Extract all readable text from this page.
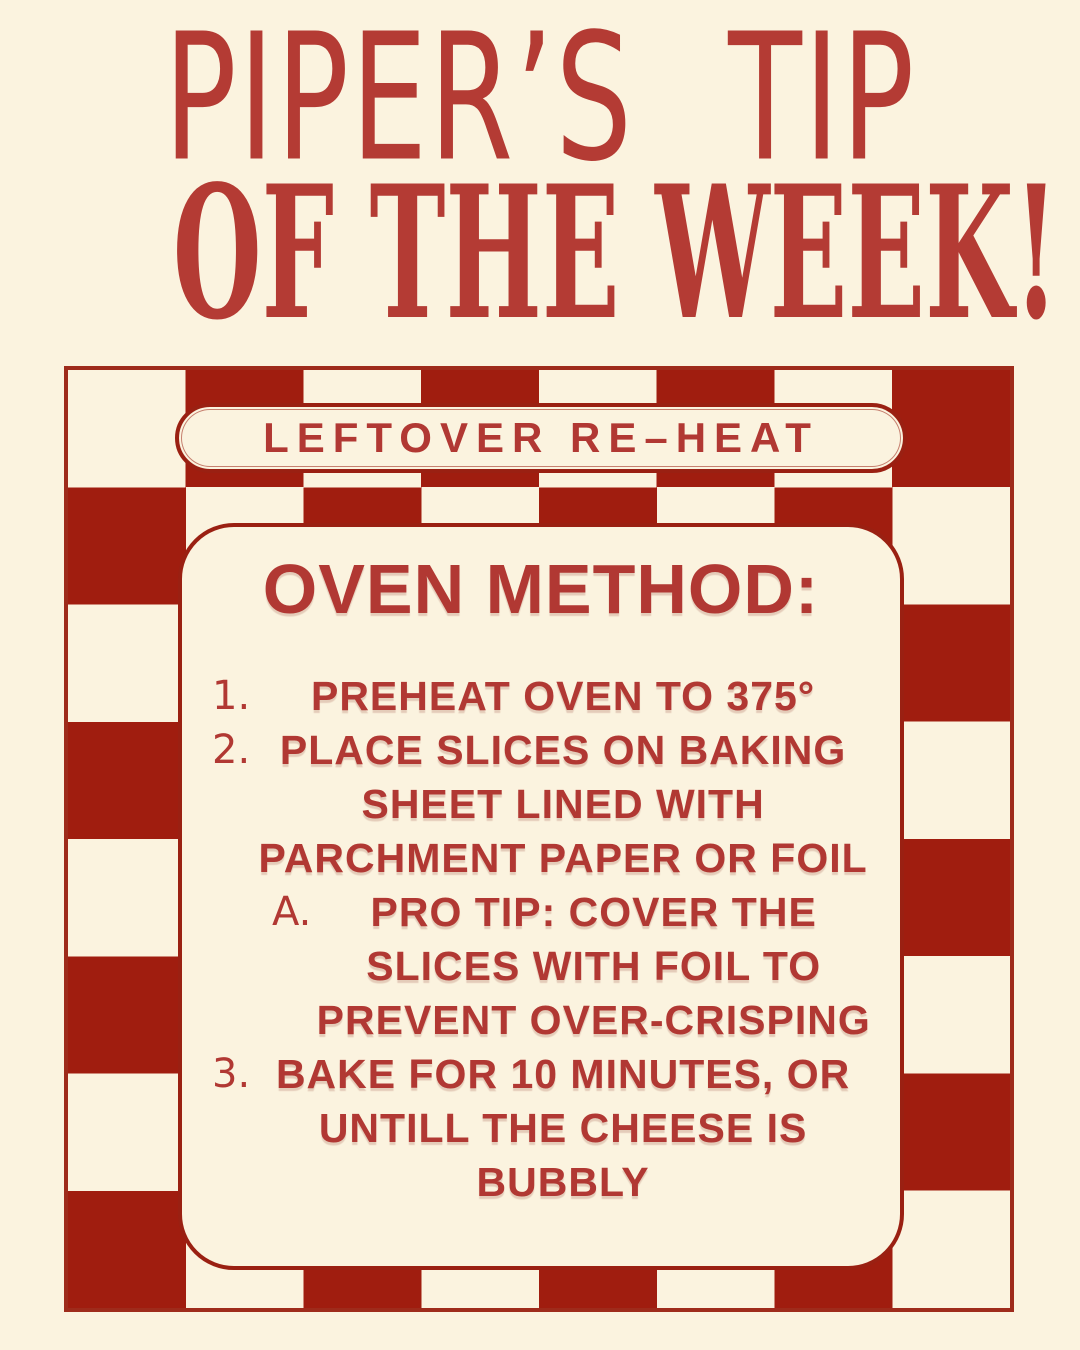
PIPER’S TIP
OF THE WEEK!
LEFTOVER RE–HEAT
OVEN METHOD:
1.	PREHEAT OVEN TO 375°
2. PLACE SLICES ON BAKING
SHEET LINED WITH
PARCHMENT PAPER OR FOIL
A.	PRO TIP: COVER THE
SLICES WITH FOIL TO
PREVENT OVER-CRISPING
3. BAKE FOR 10 MINUTES, OR
UNTILL THE CHEESE IS
BUBBLY
